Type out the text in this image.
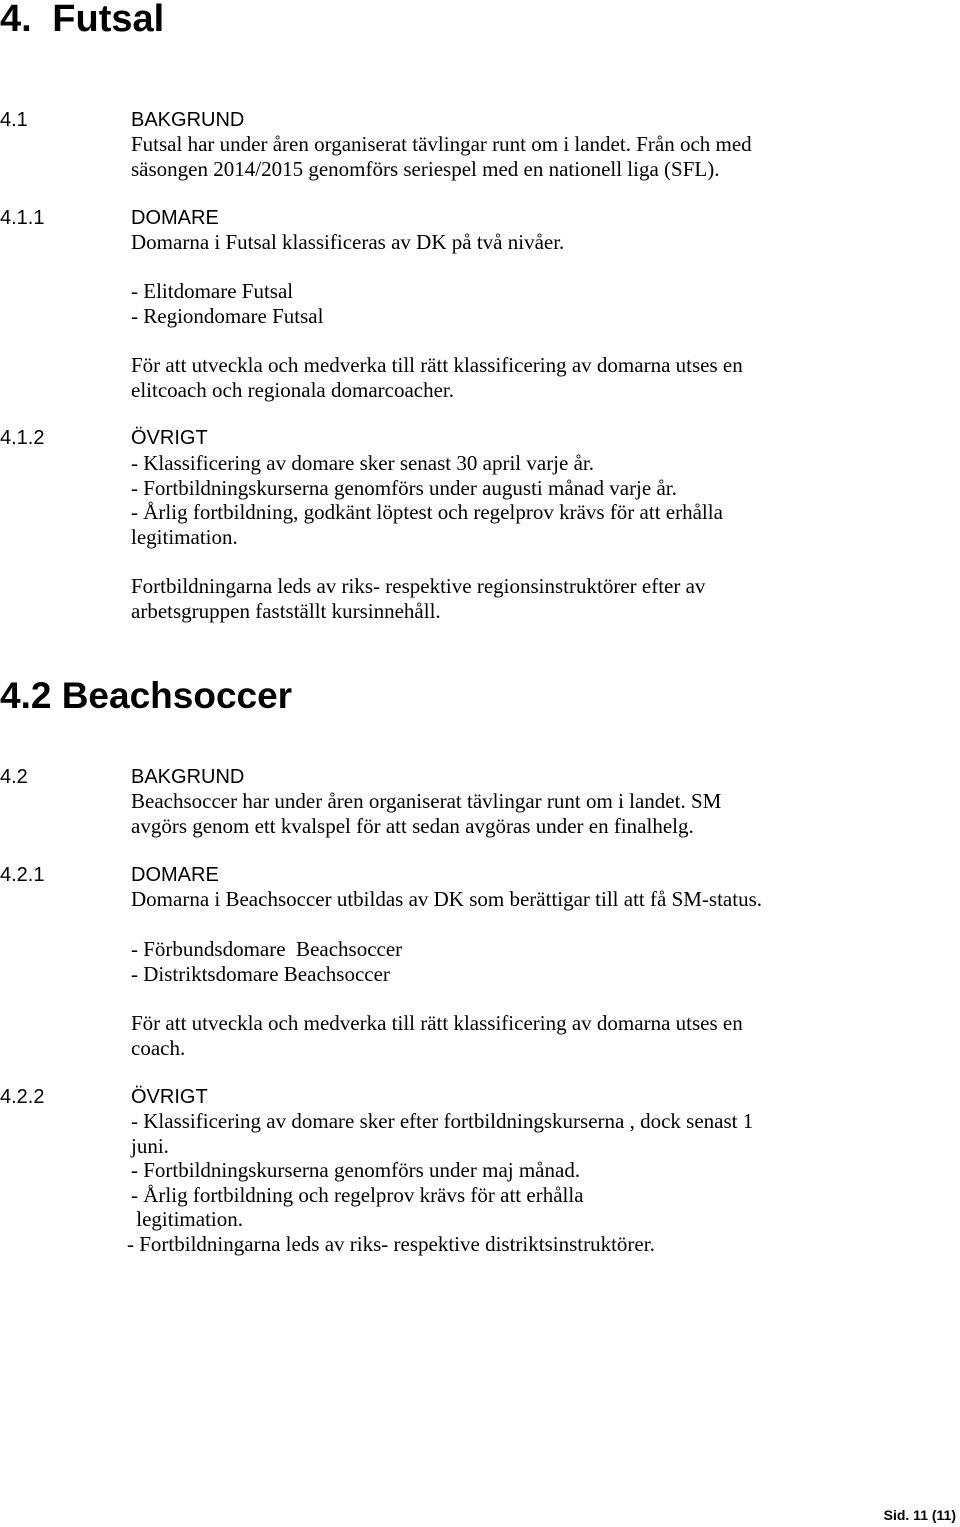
4. Futsal
4.1	BAKGRUND
Futsal har under åren organiserat tävlingar runt om i landet. Från och med
säsongen 2014/2015 genomförs seriespel med en nationell liga (SFL).
4.1.1	DOMARE
Domarna i Futsal klassificeras av DK på två nivåer.
- Elitdomare Futsal
- Regiondomare Futsal
För att utveckla och medverka till rätt klassificering av domarna utses en
elitcoach och regionala domarcoacher.
4.1.2	ÖVRIGT
- Klassificering av domare sker senast 30 april varje år.
- Fortbildningskurserna genomförs under augusti månad varje år.
- Årlig fortbildning, godkänt löptest och regelprov krävs för att erhålla
legitimation.
Fortbildningarna leds av riks- respektive regionsinstruktörer efter av
arbetsgruppen fastställt kursinnehåll.
4.2 Beachsoccer
4.2	BAKGRUND
Beachsoccer har under åren organiserat tävlingar runt om i landet. SM
avgörs genom ett kvalspel för att sedan avgöras under en finalhelg.
4.2.1	DOMARE
Domarna i Beachsoccer utbildas av DK som berättigar till att få SM-status.
- Förbundsdomare  Beachsoccer
- Distriktsdomare Beachsoccer
För att utveckla och medverka till rätt klassificering av domarna utses en
coach.
4.2.2	ÖVRIGT
- Klassificering av domare sker efter fortbildningskurserna , dock senast 1
juni.
- Fortbildningskurserna genomförs under maj månad.
- Årlig fortbildning och regelprov krävs för att erhålla
legitimation.
- Fortbildningarna leds av riks- respektive distriktsinstruktörer.
Sid. 11 (11)
